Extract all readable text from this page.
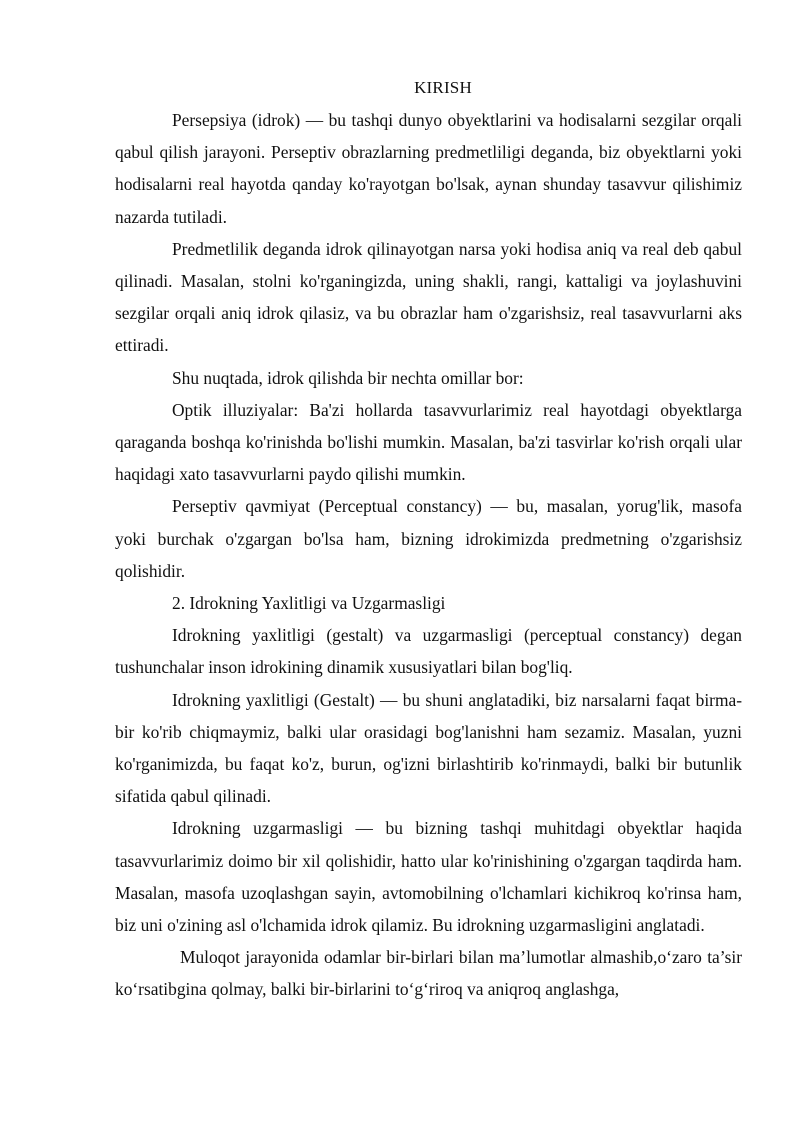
KIRISH

Persepsiya (idrok) — bu tashqi dunyo obyektlarini va hodisalarni sezgilar orqali qabul qilish jarayoni. Perseptiv obrazlarning predmetliligi deganda, biz obyektlarni yoki hodisalarni real hayotda qanday ko'rayotgan bo'lsak, aynan shunday tasavvur qilishimiz nazarda tutiladi.

Predmetlilik deganda idrok qilinayotgan narsa yoki hodisa aniq va real deb qabul qilinadi. Masalan, stolni ko'rganingizda, uning shakli, rangi, kattaligi va joylashuvini sezgilar orqali aniq idrok qilasiz, va bu obrazlar ham o'zgarishsiz, real tasavvurlarni aks ettiradi.

Shu nuqtada, idrok qilishda bir nechta omillar bor:

Optik illuziyalar: Ba'zi hollarda tasavvurlarimiz real hayotdagi obyektlarga qaraganda boshqa ko'rinishda bo'lishi mumkin. Masalan, ba'zi tasvirlar ko'rish orqali ular haqidagi xato tasavvurlarni paydo qilishi mumkin.

Perseptiv qavmiyat (Perceptual constancy) — bu, masalan, yorug'lik, masofa yoki burchak o'zgargan bo'lsa ham, bizning idrokimizda predmetning o'zgarishsiz qolishidir.

2. Idrokning Yaxlitligi va Uzgarmasligi

Idrokning yaxlitligi (gestalt) va uzgarmasligi (perceptual constancy) degan tushunchalar inson idrokining dinamik xususiyatlari bilan bog'liq.

Idrokning yaxlitligi (Gestalt) — bu shuni anglatadiki, biz narsalarni faqat birma-bir ko'rib chiqmaymiz, balki ular orasidagi bog'lanishni ham sezamiz. Masalan, yuzni ko'rganimizda, bu faqat ko'z, burun, og'izni birlashtirib ko'rinmaydi, balki bir butunlik sifatida qabul qilinadi.

Idrokning uzgarmasligi — bu bizning tashqi muhitdagi obyektlar haqida tasavvurlarimiz doimo bir xil qolishidir, hatto ular ko'rinishining o'zgargan taqdirda ham. Masalan, masofa uzoqlashgan sayin, avtomobilning o'lchamlari kichikroq ko'rinsa ham, biz uni o'zining asl o'lchamida idrok qilamiz. Bu idrokning uzgarmasligini anglatadi.

Muloqot jarayonida odamlar bir-birlari bilan ma’lumotlar almashib,o‘zaro ta’sir ko‘rsatibgina qolmay, balki bir-birlarini to‘g‘riroq va aniqroq anglashga,
